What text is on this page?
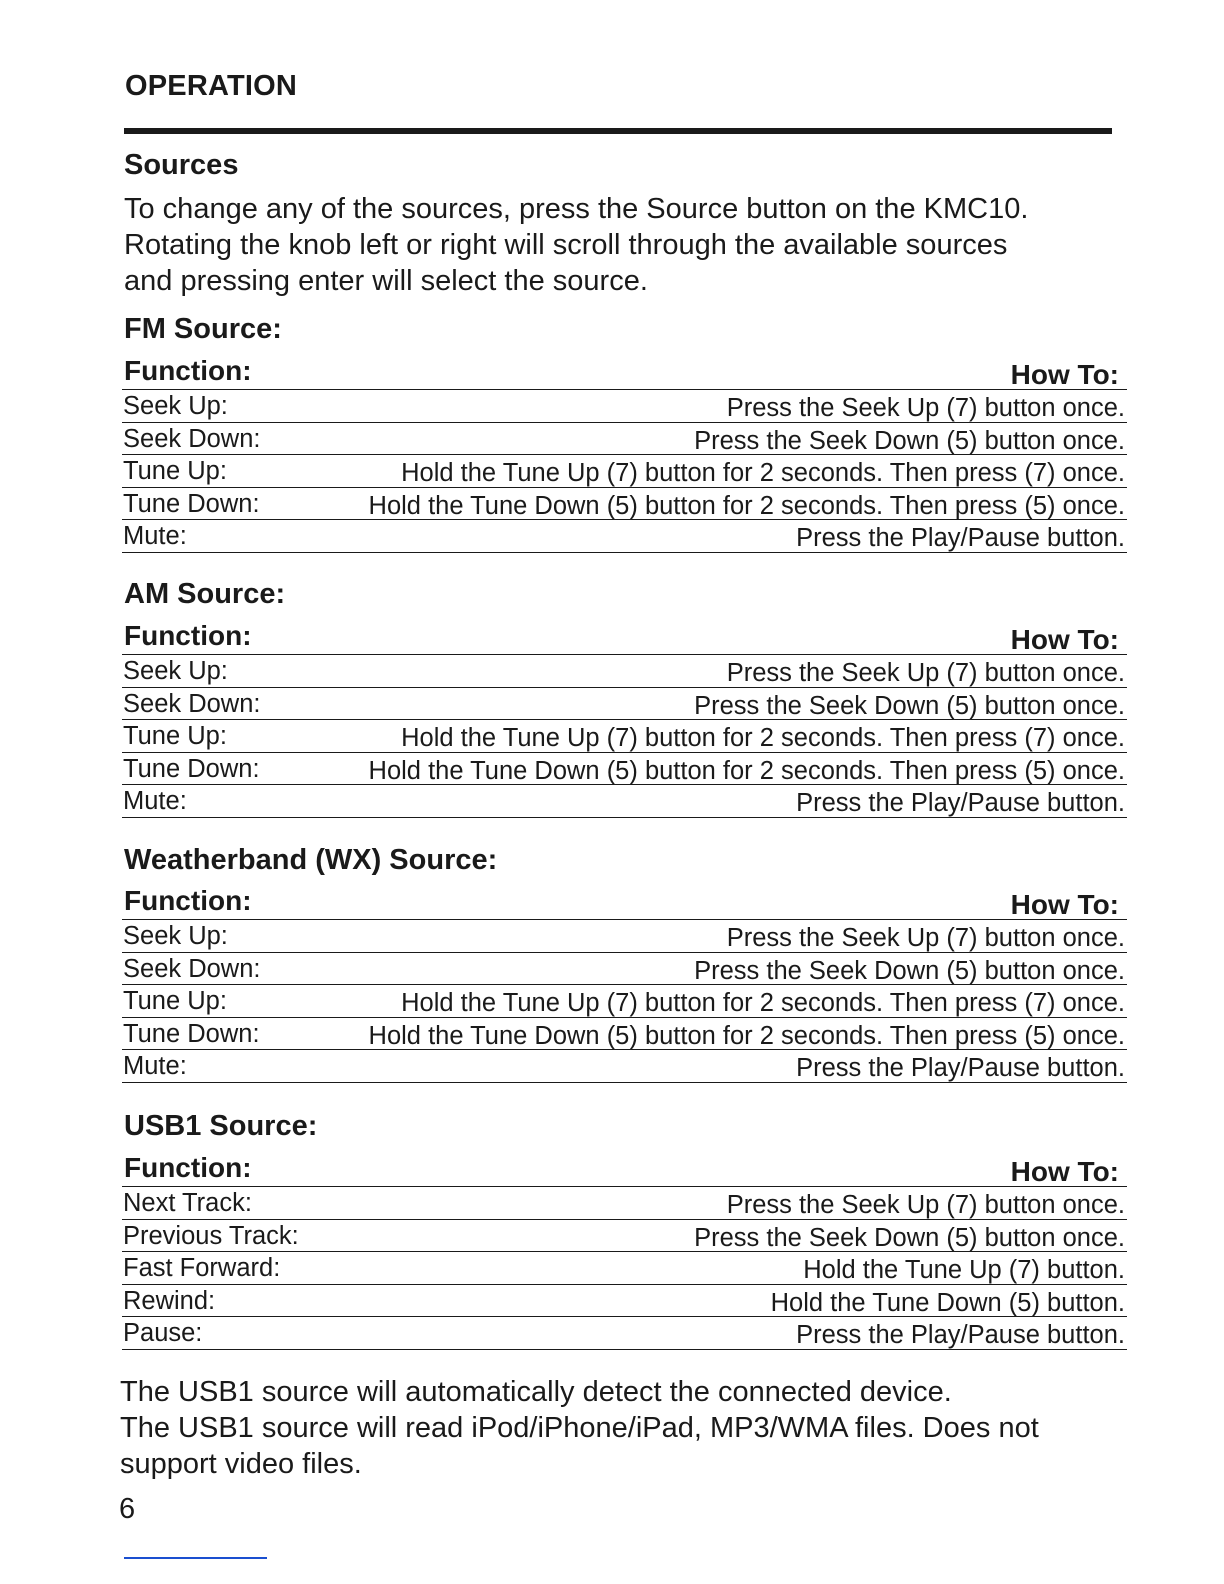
OPERATION
Sources
To change any of the sources, press the Source button on the KMC10.
Rotating the knob left or right will scroll through the available sources
and pressing enter will select the source.
FM Source:
Function:	How To:
Seek Up:	Press the Seek Up (7) button once.
Seek Down:	Press the Seek Down (5) button once.
Tune Up:	Hold the Tune Up (7) button for 2 seconds. Then press (7) once.
Tune Down:	Hold the Tune Down (5) button for 2 seconds. Then press (5) once.
Mute:	Press the Play/Pause button.
AM Source:
Function:	How To:
Seek Up:	Press the Seek Up (7) button once.
Seek Down:	Press the Seek Down (5) button once.
Tune Up:	Hold the Tune Up (7) button for 2 seconds. Then press (7) once.
Tune Down:	Hold the Tune Down (5) button for 2 seconds. Then press (5) once.
Mute:	Press the Play/Pause button.
Weatherband (WX) Source:
Function:	How To:
Seek Up:	Press the Seek Up (7) button once.
Seek Down:	Press the Seek Down (5) button once.
Tune Up:	Hold the Tune Up (7) button for 2 seconds. Then press (7) once.
Tune Down:	Hold the Tune Down (5) button for 2 seconds. Then press (5) once.
Mute:	Press the Play/Pause button.
USB1 Source:
Function:	How To:
Next Track:	Press the Seek Up (7) button once.
Previous Track:	Press the Seek Down (5) button once.
Fast Forward:	Hold the Tune Up (7) button.
Rewind:	Hold the Tune Down (5) button.
Pause:	Press the Play/Pause button.
The USB1 source will automatically detect the connected device.
The USB1 source will read iPod/iPhone/iPad, MP3/WMA files. Does not
support video files.
6
